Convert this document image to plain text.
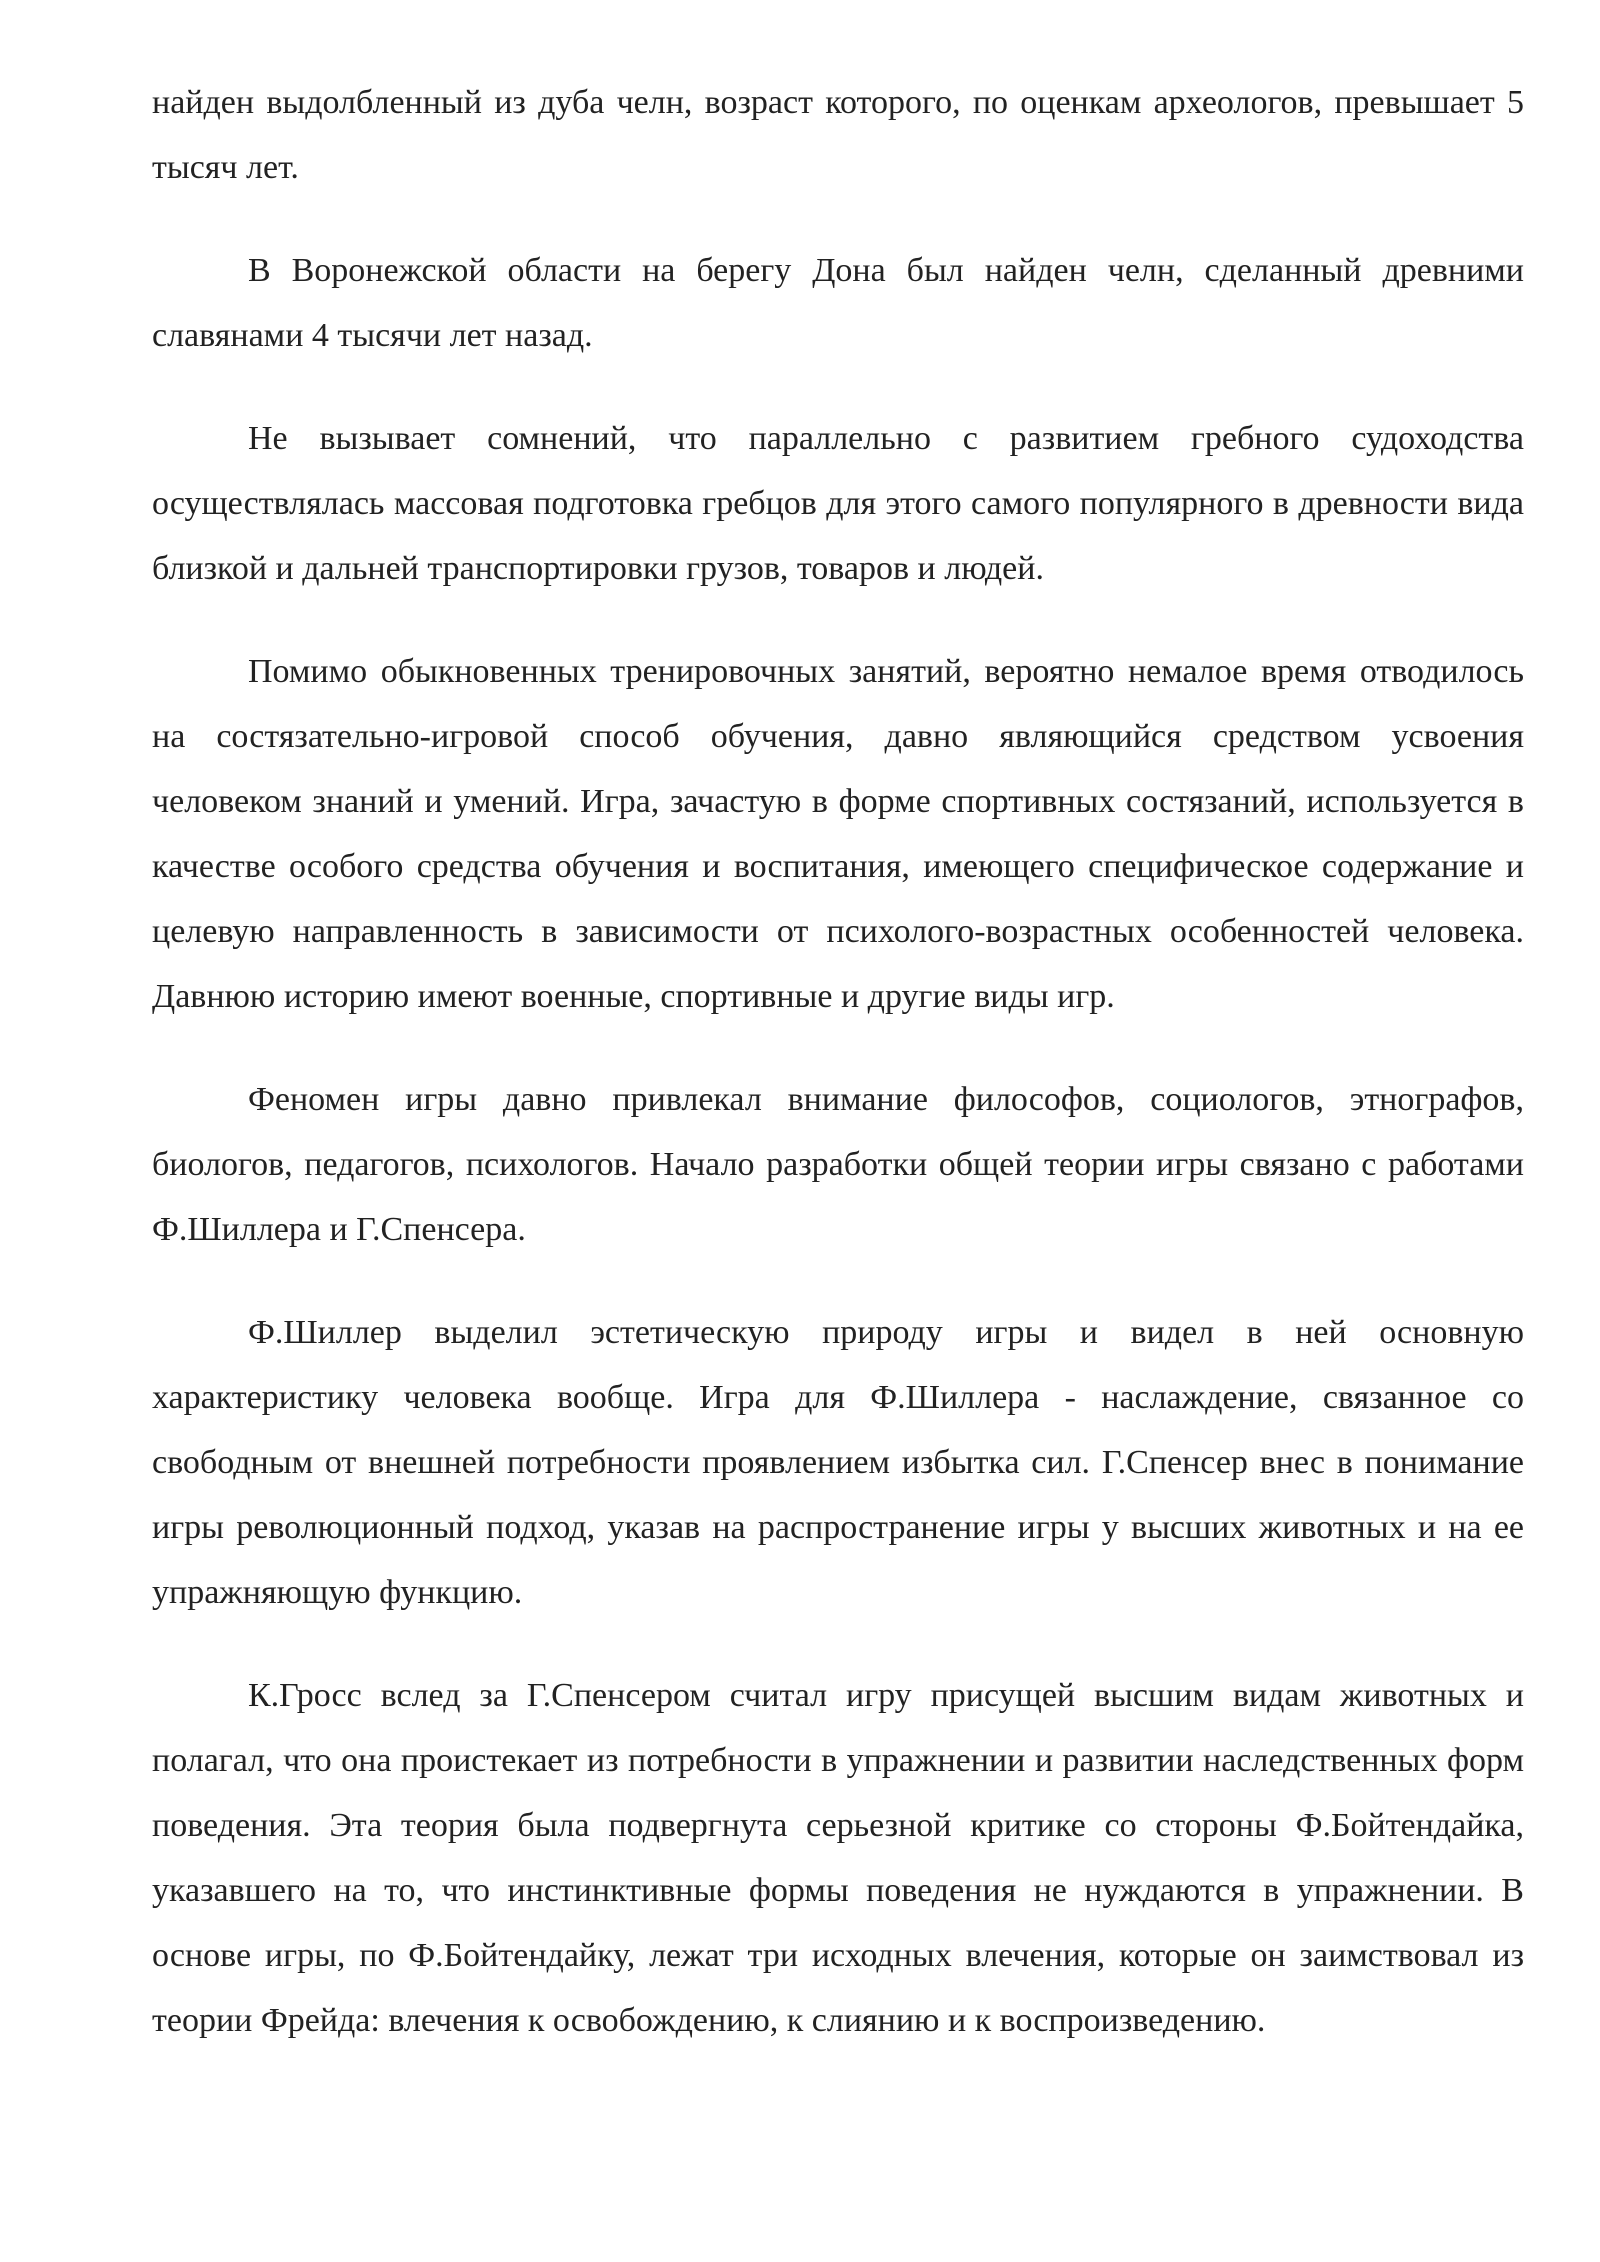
найден выдолбленный из дуба челн, возраст которого, по оценкам археологов, превышает 5 тысяч лет.

В Воронежской области на берегу Дона был найден челн, сделанный древними славянами 4 тысячи лет назад.

Не вызывает сомнений, что параллельно с развитием гребного судоходства осуществлялась массовая подготовка гребцов для этого самого популярного в древности вида близкой и дальней транспортировки грузов, товаров и людей.

Помимо обыкновенных тренировочных занятий, вероятно немалое время отводилось на состязательно-игровой способ обучения, давно являющийся средством усвоения человеком знаний и умений. Игра, зачастую в форме спортивных состязаний, используется в качестве особого средства обучения и воспитания, имеющего специфическое содержание и целевую направленность в зависимости от психолого-возрастных особенностей человека. Давнюю историю имеют военные, спортивные и другие виды игр.

Феномен игры давно привлекал внимание философов, социологов, этнографов, биологов, педагогов, психологов. Начало разработки общей теории игры связано с работами Ф.Шиллера и Г.Спенсера.

Ф.Шиллер выделил эстетическую природу игры и видел в ней основную характеристику человека вообще. Игра для Ф.Шиллера - наслаждение, связанное со свободным от внешней потребности проявлением избытка сил. Г.Спенсер внес в понимание игры революционный подход, указав на распространение игры у высших животных и на ее упражняющую функцию.

К.Гросс вслед за Г.Спенсером считал игру присущей высшим видам животных и полагал, что она проистекает из потребности в упражнении и развитии наследственных форм поведения. Эта теория была подвергнута серьезной критике со стороны Ф.Бойтендайка, указавшего на то, что инстинктивные формы поведения не нуждаются в упражнении. В основе игры, по Ф.Бойтендайку, лежат три исходных влечения, которые он заимствовал из теории Фрейда: влечения к освобождению, к слиянию и к воспроизведению.
